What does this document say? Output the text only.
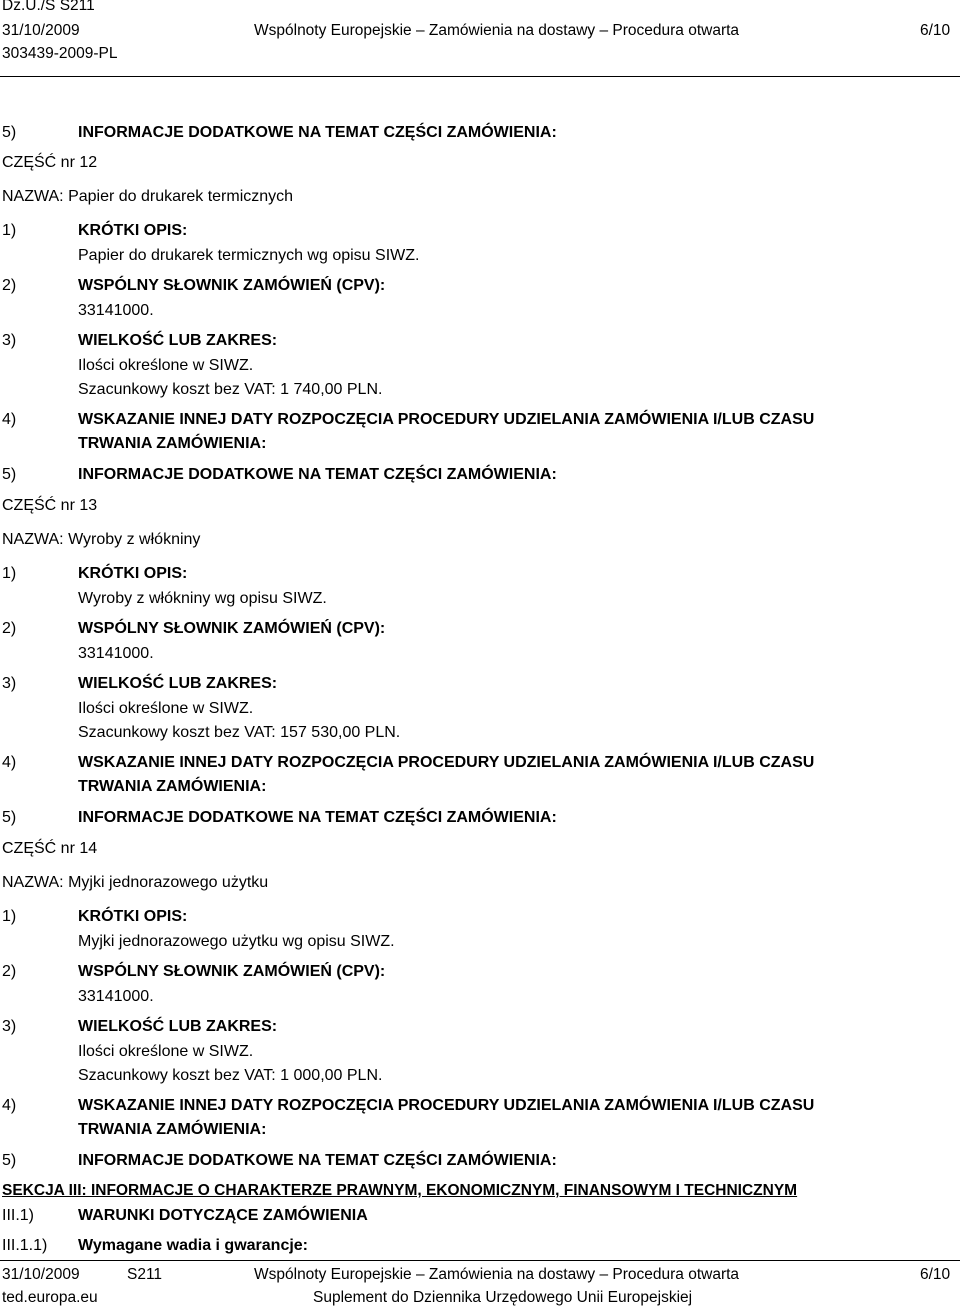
Dz.U./S S211
31/10/2009	Wspólnoty Europejskie – Zamówienia na dostawy – Procedura otwarta	6/10
303439-2009-PL
5)	INFORMACJE DODATKOWE NA TEMAT CZĘŚCI ZAMÓWIENIA:
CZĘŚĆ nr 12
NAZWA: Papier do drukarek termicznych
1)	KRÓTKI OPIS:
Papier do drukarek termicznych wg opisu SIWZ.
2)	WSPÓLNY SŁOWNIK ZAMÓWIEŃ (CPV):
33141000.
3)	WIELKOŚĆ LUB ZAKRES:
Ilości określone w SIWZ.
Szacunkowy koszt bez VAT: 1 740,00 PLN.
4)	WSKAZANIE INNEJ DATY ROZPOCZĘCIA PROCEDURY UDZIELANIA ZAMÓWIENIA I/LUB CZASU
TRWANIA ZAMÓWIENIA:
5)	INFORMACJE DODATKOWE NA TEMAT CZĘŚCI ZAMÓWIENIA:
CZĘŚĆ nr 13
NAZWA: Wyroby z włókniny
1)	KRÓTKI OPIS:
Wyroby z włókniny wg opisu SIWZ.
2)	WSPÓLNY SŁOWNIK ZAMÓWIEŃ (CPV):
33141000.
3)	WIELKOŚĆ LUB ZAKRES:
Ilości określone w SIWZ.
Szacunkowy koszt bez VAT: 157 530,00 PLN.
4)	WSKAZANIE INNEJ DATY ROZPOCZĘCIA PROCEDURY UDZIELANIA ZAMÓWIENIA I/LUB CZASU
TRWANIA ZAMÓWIENIA:
5)	INFORMACJE DODATKOWE NA TEMAT CZĘŚCI ZAMÓWIENIA:
CZĘŚĆ nr 14
NAZWA: Myjki jednorazowego użytku
1)	KRÓTKI OPIS:
Myjki jednorazowego użytku wg opisu SIWZ.
2)	WSPÓLNY SŁOWNIK ZAMÓWIEŃ (CPV):
33141000.
3)	WIELKOŚĆ LUB ZAKRES:
Ilości określone w SIWZ.
Szacunkowy koszt bez VAT: 1 000,00 PLN.
4)	WSKAZANIE INNEJ DATY ROZPOCZĘCIA PROCEDURY UDZIELANIA ZAMÓWIENIA I/LUB CZASU
TRWANIA ZAMÓWIENIA:
5)	INFORMACJE DODATKOWE NA TEMAT CZĘŚCI ZAMÓWIENIA:
SEKCJA III: INFORMACJE O CHARAKTERZE PRAWNYM, EKONOMICZNYM, FINANSOWYM I TECHNICZNYM
III.1)	WARUNKI DOTYCZĄCE ZAMÓWIENIA
III.1.1) Wymagane wadia i gwarancje:
31/10/2009	S211	Wspólnoty Europejskie – Zamówienia na dostawy – Procedura otwarta	6/10
ted.europa.eu	Suplement do Dziennika Urzędowego Unii Europejskiej
